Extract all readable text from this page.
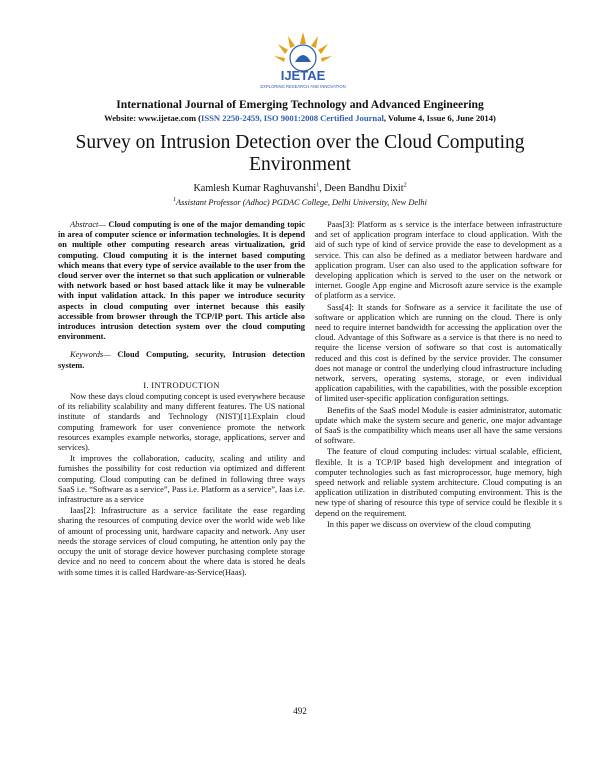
IJETAE
EXPLORING RESEARCH AND INNOVATION
International Journal of Emerging Technology and Advanced Engineering
Website: www.ijetae.com (ISSN 2250-2459, ISO 9001:2008 Certified Journal, Volume 4, Issue 6, June 2014)
Survey on Intrusion Detection over the Cloud Computing Environment
Kamlesh Kumar Raghuvanshi$^1$, Deen Bandhu Dixit$^2$
$^1$Assistant Professor (Adhoc) PGDAC College, Delhi University, New Delhi

Abstract— Cloud computing is one of the major demanding topic in area of computer science or information technologies. It is depend on multiple other computing research areas virtualization, grid computing. Cloud computing it is the internet based computing which means that every type of service available to the user from the cloud server over the internet so that such application or vulnerable with network based or host based attack like it may be vulnerable with input validation attack. In this paper we introduce security aspects in cloud computing over internet because this easily accessible from browser through the TCP/IP port. This article also introduces intrusion detection system over the cloud computing environment.

Keywords— Cloud Computing, security, Intrusion detection system.

I. INTRODUCTION

Now these days cloud computing concept is used everywhere because of its reliability scalability and many different features. The US national institute of standards and Technology (NIST)[1].Explain cloud computing framework for user convenience promote the network resources examples example networks, storage, applications, server and services).

It improves the collaboration, caducity, scaling and utility and furnishes the possibility for cost reduction via optimized and different computing. Cloud computing can be defined in following three ways SaaS i.e. “Software as a service”, Pass i.e. Platform as a service”, Iaas i.e. infrastructure as a service

Iaas[2]: Infrastructure as a service facilitate the ease regarding sharing the resources of computing device over the world wide web like of amount of processing unit, hardware capacity and network. Any user needs the storage services of cloud computing, he attention only pay the occupy the unit of storage device however purchasing complete storage device and no need to concern about the where data is stored he deals with some times it is called Hardware-as-Service(Haas).

Paas[3]: Platform as s service is the interface between infrastructure and set of application program interface to cloud application. With the aid of such type of kind of service provide the ease to development as a service. This can also be defined as a mediator between hardware and application program. User can also used to the application software for developing application which is served to the user on the network or internet. Google App engine and Microsoft azure service is the example of platform as a service.

Sass[4]: It stands for Software as a service it facilitate the use of software or application which are running on the cloud. There is only need to require internet bandwidth for accessing the application over the cloud. Advantage of this Software as a service is that there is no need to require the license version of software so that cost is automatically reduced and this cost is defined by the service provider. The consumer does not manage or control the underlying cloud infrastructure including network, servers, operating systems, storage, or even individual application capabilities, with the capabilities, with the possible exception of limited user-specific application configuration settings.

Benefits of the SaaS model Module is easier administrator, automatic update which make the system secure and generic, one major advantage of SaaS is the compatibility which means user all have the same versions of software.

The feature of cloud computing includes: virtual scalable, efficient, flexible. It is a TCP/IP based high development and integration of computer technologies such as fast microprocessor, huge memory, high speed network and reliable system architecture. Cloud computing is an application utilization in distributed computing environment. This is the new type of sharing of resource this type of service could be flexible it s depend on the requirement.

In this paper we discuss on overview of the cloud computing

492
